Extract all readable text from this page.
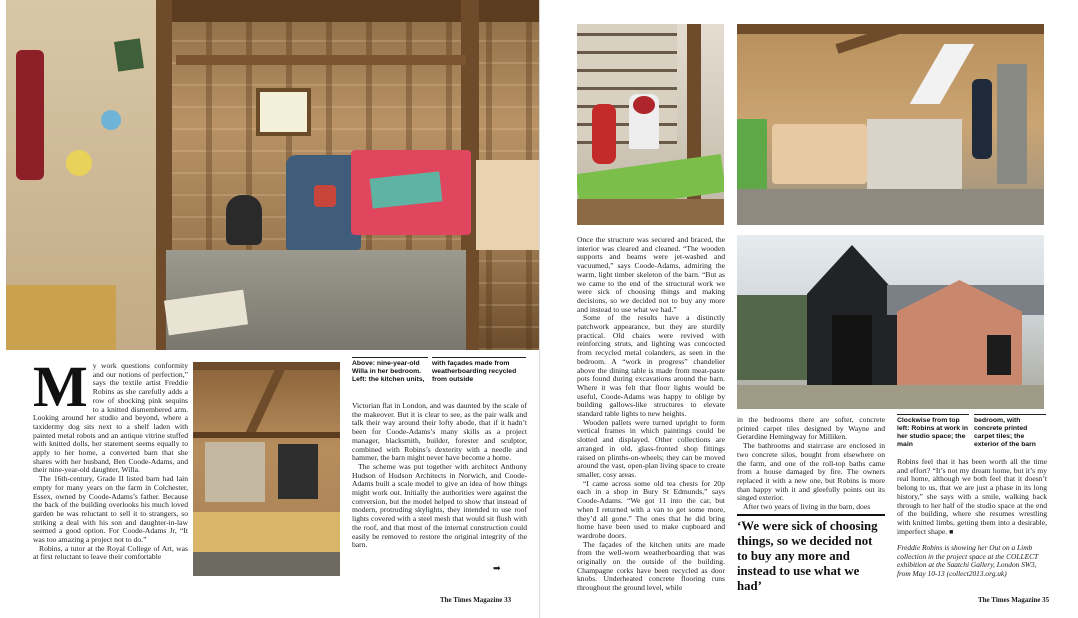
M y work questions conformity and our notions of perfection,” says the textile artist Freddie Robins as she carefully adds a row of shocking pink sequins to a knitted dismembered arm. Looking around her studio and beyond, where a taxidermy dog sits next to a shelf laden with painted metal robots and an antique vitrine stuffed with knitted dolls, her statement seems equally to apply to her home, a converted barn that she shares with her husband, Ben Coode-Adams, and their nine-year-old daughter, Willa.

The 16th-century, Grade II listed barn had lain empty for many years on the farm in Colchester, Essex, owned by Coode-Adams’s father. Because the back of the building overlooks his much loved garden he was reluctant to sell it to strangers, so striking a deal with his son and daughter-in-law seemed a good option. For Coode-Adams Jr, “It was too amazing a project not to do.”

Robins, a tutor at the Royal College of Art, was at first reluctant to leave their comfortable

Above: nine-year-old Willa in her bedroom. Left: the kitchen units,
with façades made from weatherboarding recycled from outside

Victorian flat in London, and was daunted by the scale of the makeover. But it is clear to see, as the pair walk and talk their way around their lofty abode, that if it hadn’t been for Coode-Adams’s many skills as a project manager, blacksmith, builder, forester and sculptor, combined with Robins’s dexterity with a needle and hammer, the barn might never have become a home.

The scheme was put together with architect Anthony Hudson of Hudson Architects in Norwich, and Coode-Adams built a scale model to give an idea of how things might work out. Initially the authorities were against the conversion, but the model helped to show that instead of modern, protruding skylights, they intended to use roof lights covered with a steel mesh that would sit flush with the roof, and that most of the internal construction could easily be removed to restore the original integrity of the barn.

➡
The Times Magazine 33

Once the structure was secured and braced, the interior was cleared and cleaned. “The wooden supports and beams were jet-washed and vacuumed,” says Coode-Adams, admiring the warm, light timber skeleton of the barn. “But as we came to the end of the structural work we were sick of choosing things and making decisions, so we decided not to buy any more and instead to use what we had.”

Some of the results have a distinctly patchwork appearance, but they are sturdily practical. Old chairs were revived with reinforcing struts, and lighting was concocted from recycled metal colanders, as seen in the bedroom. A “work in progress” chandelier above the dining table is made from meat-paste pots found during excavations around the barn. Where it was felt that floor lights would be useful, Coode-Adams was happy to oblige by building gallows-like structures to elevate standard table lights to new heights.

Wooden pallets were turned upright to form vertical frames in which paintings could be slotted and displayed. Other collections are arranged in old, glass-fronted shop fittings raised on plinths-on-wheels; they can be moved around the vast, open-plan living space to create smaller, cosy areas.

“I came across some old tea chests for 20p each in a shop in Bury St Edmunds,” says Coode-Adams. “We got 11 into the car, but when I returned with a van to get some more, they’d all gone.” The ones that he did bring home have been used to make cupboard and wardrobe doors.

The façades of the kitchen units are made from the well-worn weatherboarding that was originally on the outside of the building. Champagne corks have been recycled as door knobs. Underheated concrete flooring runs throughout the ground level, while

in the bedrooms there are softer, concrete printed carpet tiles designed by Wayne and Gerardine Hemingway for Milliken.

The bathrooms and staircase are enclosed in two concrete silos, bought from elsewhere on the farm, and one of the roll-top baths came from a house damaged by fire. The owners replaced it with a new one, but Robins is more than happy with it and gleefully points out its singed exterior.

After two years of living in the barn, does

‘We were sick of choosing things, so we decided not to buy any more and instead to use what we had’
Clockwise from top left: Robins at work in her studio space; the main
bedroom, with concrete printed carpet tiles; the exterior of the barn

Robins feel that it has been worth all the time and effort? “It’s not my dream home, but it’s my real home, although we both feel that it doesn’t belong to us, that we are just a phase in its long history,” she says with a smile, walking back through to her half of the studio space at the end of the building, where she resumes wrestling with knitted limbs, getting them into a desirable, imperfect shape. ■

Freddie Robins is showing her Out on a Limb collection in the project space at the COLLECT exhibition at the Saatchi Gallery, London SW3, from May 10-13 (collect2013.org.uk)
The Times Magazine 35
